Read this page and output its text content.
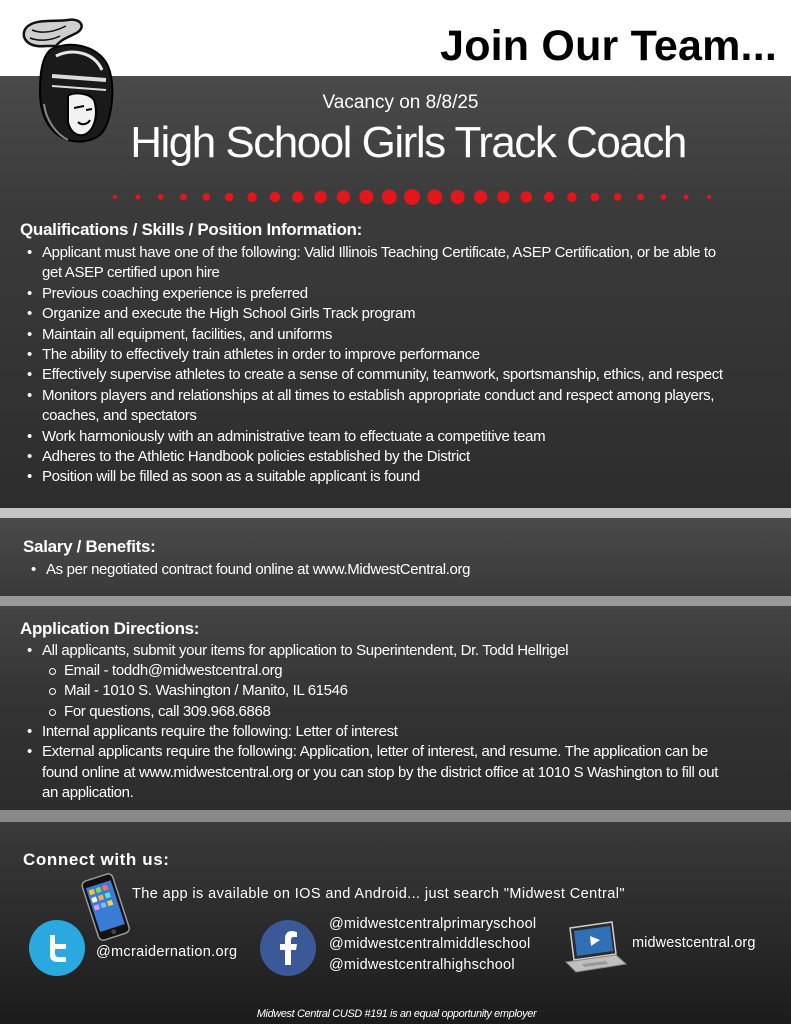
Join Our Team...
Vacancy on 8/8/25
High School Girls Track Coach
Qualifications / Skills / Position Information:
• Applicant must have one of the following: Valid Illinois Teaching Certificate, ASEP Certification, or be able to
get ASEP certified upon hire
• Previous coaching experience is preferred
• Organize and execute the High School Girls Track program
• Maintain all equipment, facilities, and uniforms
• The ability to effectively train athletes in order to improve performance
• Effectively supervise athletes to create a sense of community, teamwork, sportsmanship, ethics, and respect
• Monitors players and relationships at all times to establish appropriate conduct and respect among players,
coaches, and spectators
• Work harmoniously with an administrative team to effectuate a competitive team
• Adheres to the Athletic Handbook policies established by the District
• Position will be filled as soon as a suitable applicant is found
Salary / Benefits:
• As per negotiated contract found online at www.MidwestCentral.org
Application Directions:
• All applicants, submit your items for application to Superintendent, Dr. Todd Hellrigel
Email - toddh@midwestcentral.org
Mail - 1010 S. Washington / Manito, IL 61546
For questions, call 309.968.6868
• Internal applicants require the following: Letter of interest
• External applicants require the following: Application, letter of interest, and resume. The application can be
found online at www.midwestcentral.org or you can stop by the district office at 1010 S Washington to fill out
an application.
Connect with us:
The app is available on IOS and Android... just search "Midwest Central"
@mcraidernation.org
@midwestcentralprimaryschool
@midwestcentralmiddleschool
@midwestcentralhighschool
midwestcentral.org
Midwest Central CUSD #191 is an equal opportunity employer
